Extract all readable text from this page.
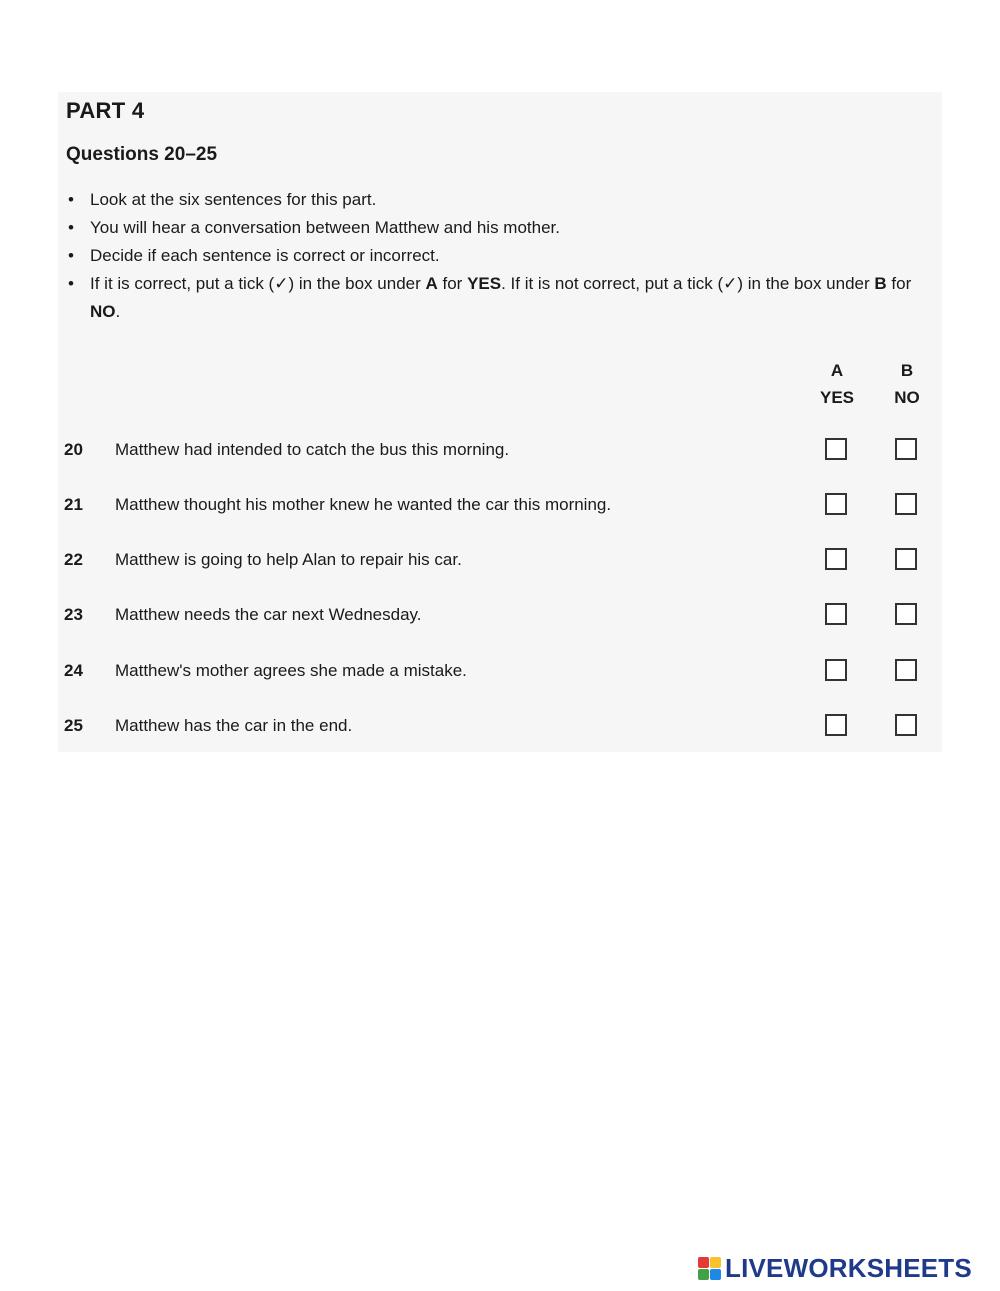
PART 4
Questions 20–25
• Look at the six sentences for this part.
• You will hear a conversation between Matthew and his mother.
• Decide if each sentence is correct or incorrect.
• If it is correct, put a tick (✓) in the box under A for YES. If it is not correct, put a tick (✓) in the box under B for NO.
A
YES
B
NO
20 Matthew had intended to catch the bus this morning.
21 Matthew thought his mother knew he wanted the car this morning.
22 Matthew is going to help Alan to repair his car.
23 Matthew needs the car next Wednesday.
24 Matthew's mother agrees she made a mistake.
25 Matthew has the car in the end.
LIVEWORKSHEETS
